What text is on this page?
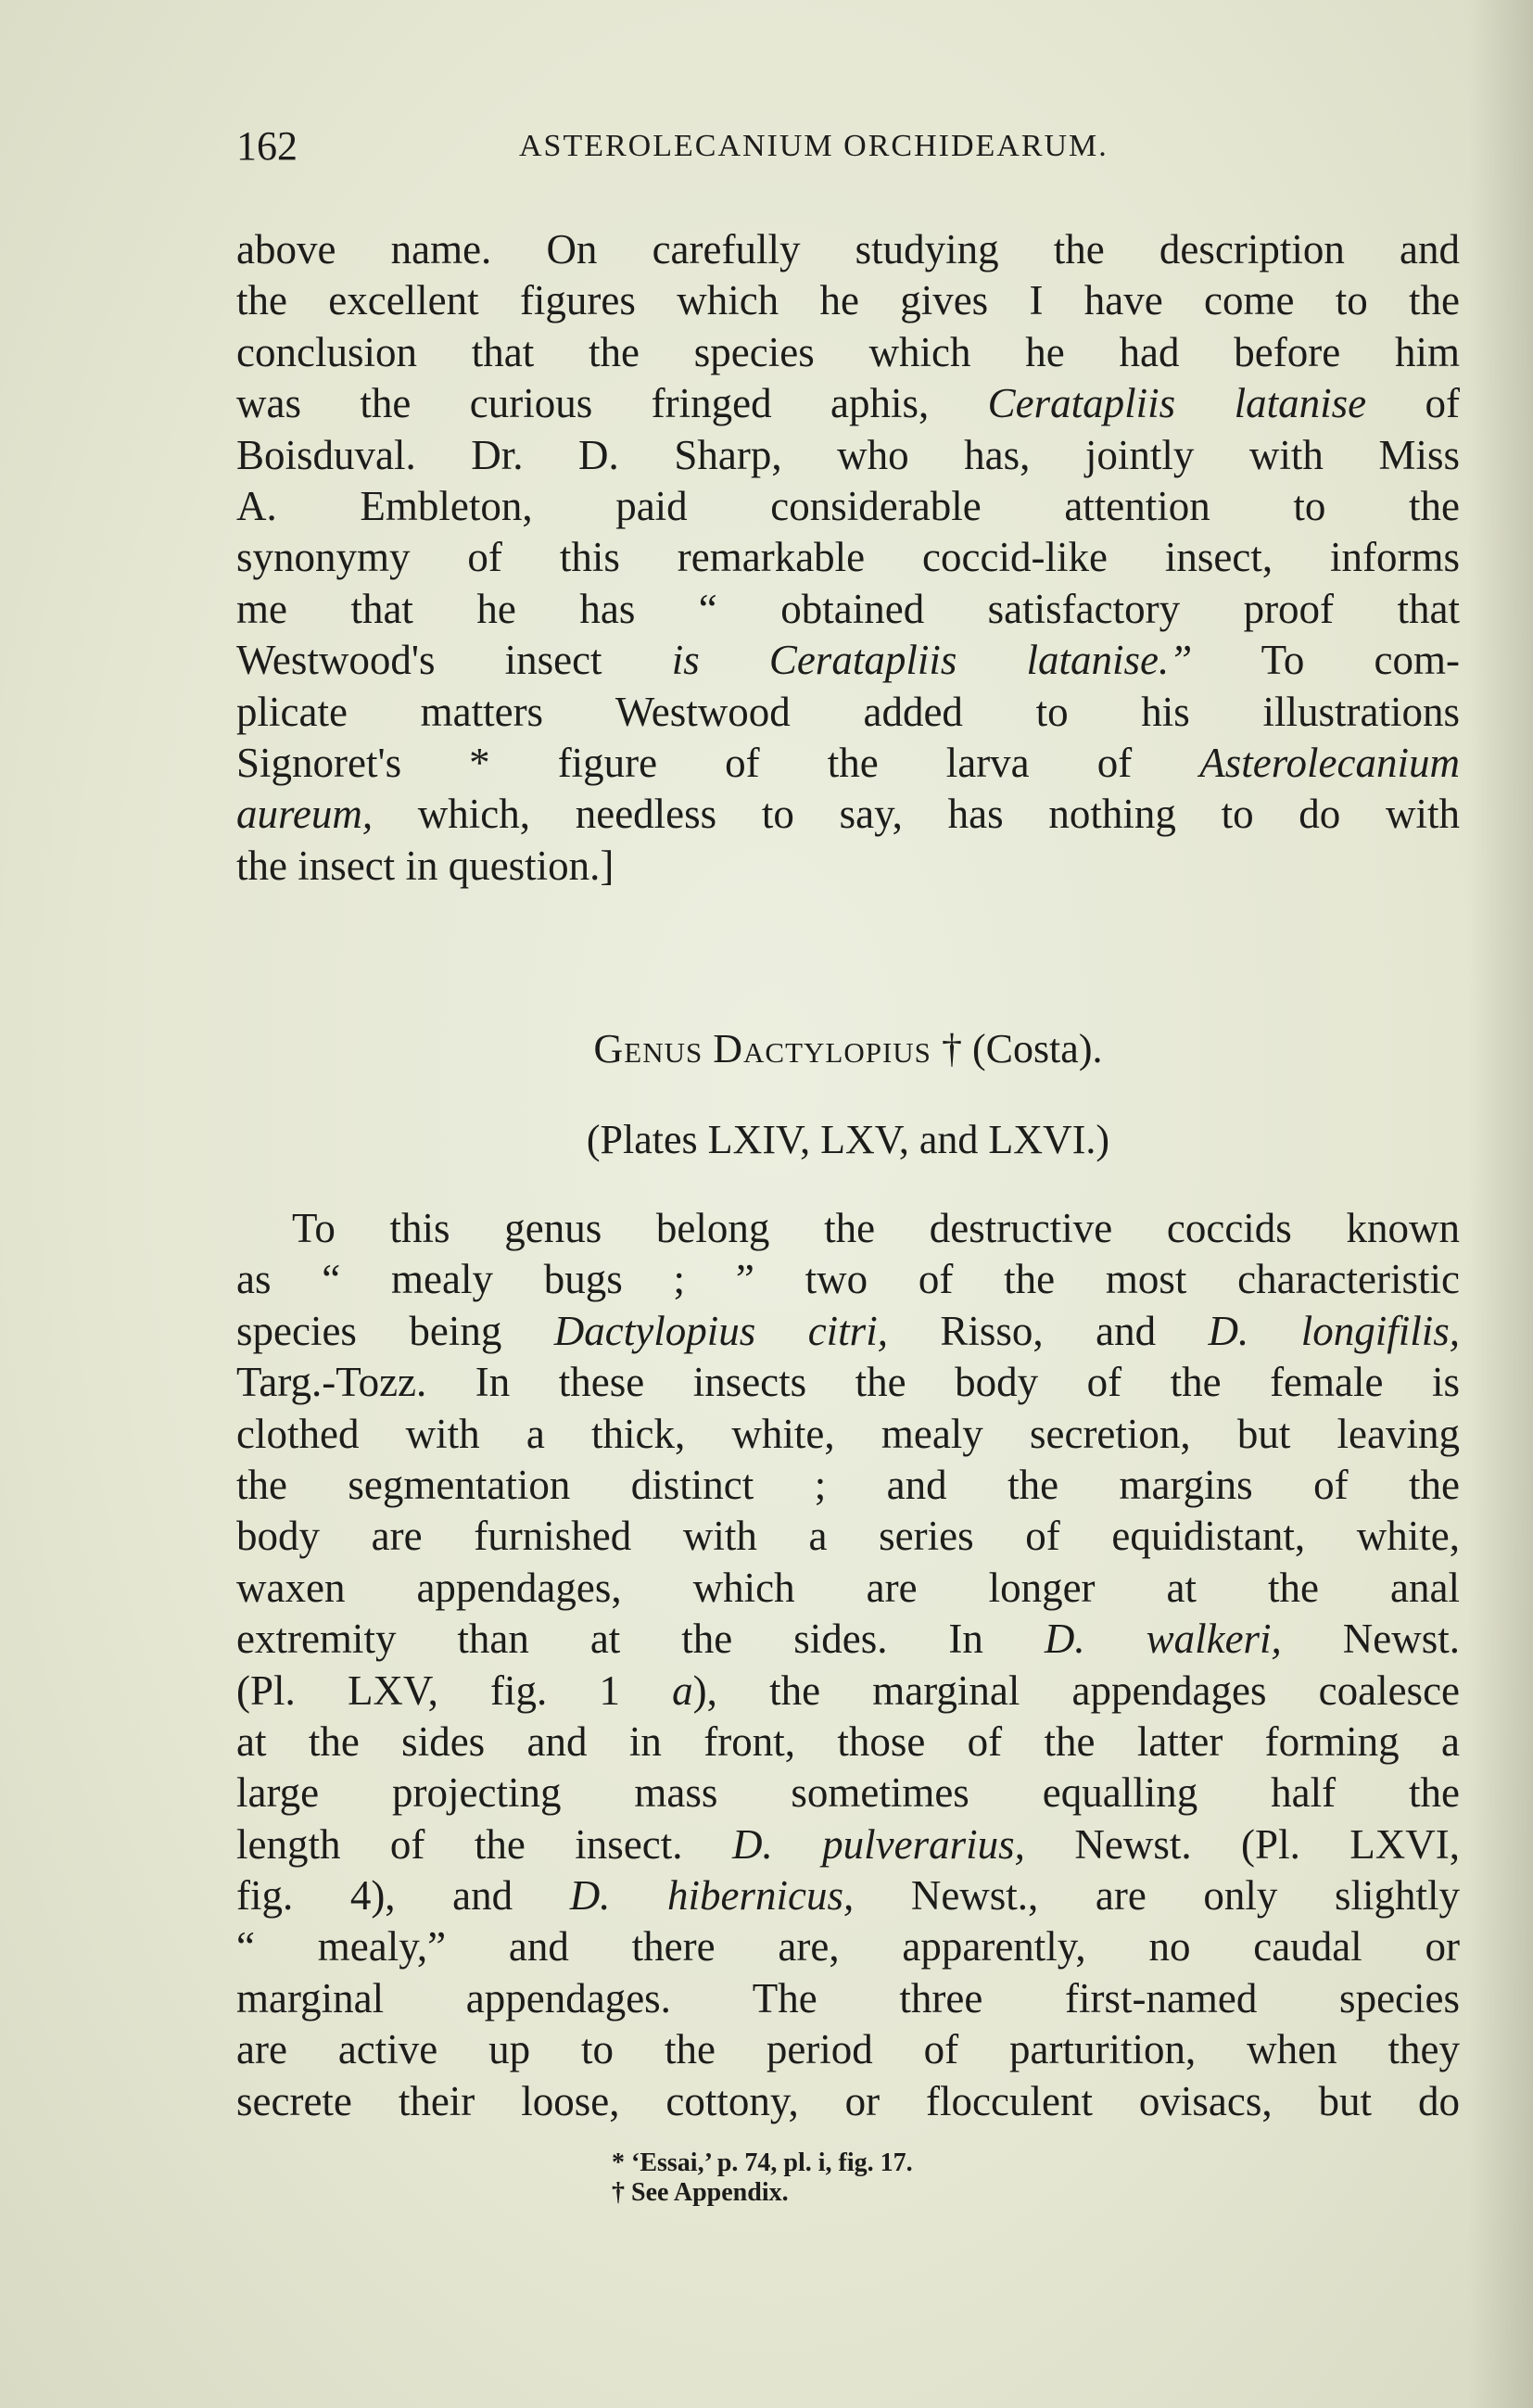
162	ASTEROLECANIUM ORCHIDEARUM.
above name. On carefully studying the description and
the excellent figures which he gives I have come to the
conclusion that the species which he had before him
was the curious fringed aphis, Ceratapliis latanise of
Boisduval. Dr. D. Sharp, who has, jointly with Miss
A. Embleton, paid considerable attention to the
synonymy of this remarkable coccid-like insect, informs
me that he has “ obtained satisfactory proof that
Westwood's insect is Ceratapliis latanise.” To com-
plicate matters Westwood added to his illustrations
Signoret's * figure of the larva of Asterolecanium
aureum, which, needless to say, has nothing to do with
the insect in question.]
Genus Dactylopius † (Costa).
(Plates LXIV, LXV, and LXVI.)
To this genus belong the destructive coccids known
as “ mealy bugs ; ” two of the most characteristic
species being Dactylopius citri, Risso, and D. longifilis,
Targ.-Tozz. In these insects the body of the female is
clothed with a thick, white, mealy secretion, but leaving
the segmentation distinct ; and the margins of the
body are furnished with a series of equidistant, white,
waxen appendages, which are longer at the anal
extremity than at the sides. In D. walkeri, Newst.
(Pl. LXV, fig. 1 a), the marginal appendages coalesce
at the sides and in front, those of the latter forming a
large projecting mass sometimes equalling half the
length of the insect. D. pulverarius, Newst. (Pl. LXVI,
fig. 4), and D. hibernicus, Newst., are only slightly
“ mealy,” and there are, apparently, no caudal or
marginal appendages. The three first-named species
are active up to the period of parturition, when they
secrete their loose, cottony, or flocculent ovisacs, but do
* ‘Essai,’ p. 74, pl. i, fig. 17.
† See Appendix.
